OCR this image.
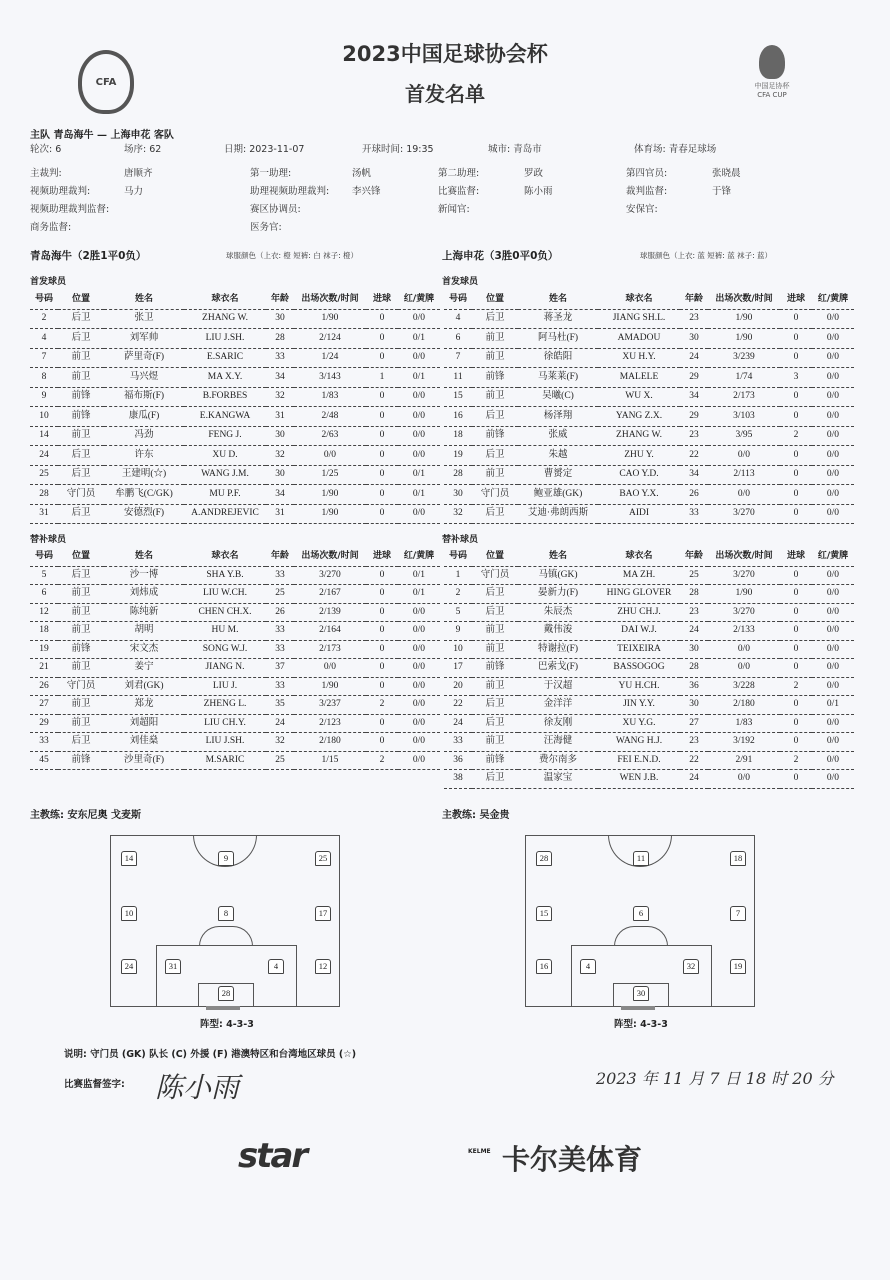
2023中国足球协会杯
首发名单
CFA	中国足协杯 CFA CUP
主队 青岛海牛 — 上海申花 客队
轮次: 6	场序: 62	日期: 2023-11-07	开球时间: 19:35	城市: 青岛市	体育场: 青春足球场
主裁判:	唐顺齐	第一助理:	汤帆	第二助理:	罗政	第四官员:	张晓晨
视频助理裁判:	马力	助理视频助理裁判: 李兴锋	比赛监督:	陈小雨	裁判监督:	于锋
视频助理裁判监督:	赛区协调员:	新闻官:	安保官:
商务监督:	医务官:
青岛海牛（2胜1平0负）	球服颜色（上衣: 橙 短裤: 白 袜子: 橙）	上海申花（3胜0平0负）	球服颜色（上衣: 蓝 短裤: 蓝 袜子: 蓝）
首发球员	首发球员
替补球员	替补球员
号码	位置	姓名	球衣名	年龄	出场次数/时间	进球	红/黄牌
2	后卫	张卫	ZHANG W.	30	1/90	0	0/0
4	后卫	刘军帅	LIU J.SH.	28	2/124	0	0/1
7	前卫	萨里奇(F)	E.SARIC	33	1/24	0	0/0
8	前卫	马兴煜	MA X.Y.	34	3/143	1	0/1
9	前锋	福布斯(F)	B.FORBES	32	1/83	0	0/0
10	前锋	康瓜(F)	E.KANGWA	31	2/48	0	0/0
14	前卫	冯劲	FENG J.	30	2/63	0	0/0
24	后卫	许东	XU D.	32	0/0	0	0/0
25	后卫	王建明(☆)	WANG J.M.	30	1/25	0	0/1
28	守门员	牟鹏飞(C/GK)	MU P.F.	34	1/90	0	0/1
31	后卫	安德烈(F)	A.ANDREJEVIC	31	1/90	0	0/0
号码	位置	姓名	球衣名	年龄	出场次数/时间	进球	红/黄牌
4	后卫	蒋圣龙	JIANG SH.L.	23	1/90	0	0/0
6	前卫	阿马杜(F)	AMADOU	30	1/90	0	0/0
7	前卫	徐皓阳	XU H.Y.	24	3/239	0	0/0
11	前锋	马莱莱(F)	MALELE	29	1/74	3	0/0
15	前卫	吴曦(C)	WU X.	34	2/173	0	0/0
16	后卫	杨泽翔	YANG Z.X.	29	3/103	0	0/0
18	前锋	张威	ZHANG W.	23	3/95	2	0/0
19	后卫	朱越	ZHU Y.	22	0/0	0	0/0
28	前卫	曹赟定	CAO Y.D.	34	2/113	0	0/0
30	守门员	鲍亚雄(GK)	BAO Y.X.	26	0/0	0	0/0
32	后卫	艾迪·弗朗西斯	AIDI	33	3/270	0	0/0
号码	位置	姓名	球衣名	年龄	出场次数/时间	进球	红/黄牌
5	后卫	沙一博	SHA Y.B.	33	3/270	0	0/1
6	前卫	刘炜成	LIU W.CH.	25	2/167	0	0/1
12	前卫	陈纯新	CHEN CH.X.	26	2/139	0	0/0
18	前卫	胡明	HU M.	33	2/164	0	0/0
19	前锋	宋文杰	SONG W.J.	33	2/173	0	0/0
21	前卫	姜宁	JIANG N.	37	0/0	0	0/0
26	守门员	刘君(GK)	LIU J.	33	1/90	0	0/0
27	前卫	郑龙	ZHENG L.	35	3/237	2	0/0
29	前卫	刘超阳	LIU CH.Y.	24	2/123	0	0/0
33	后卫	刘佳燊	LIU J.SH.	32	2/180	0	0/0
45	前锋	沙里奇(F)	M.SARIC	25	1/15	2	0/0
号码	位置	姓名	球衣名	年龄	出场次数/时间	进球	红/黄牌
1	守门员	马镇(GK)	MA ZH.	25	3/270	0	0/0
2	后卫	晏新力(F)	HING GLOVER	28	1/90	0	0/0
5	后卫	朱辰杰	ZHU CH.J.	23	3/270	0	0/0
9	前卫	戴伟浚	DAI W.J.	24	2/133	0	0/0
10	前卫	特谢拉(F)	TEIXEIRA	30	0/0	0	0/0
17	前锋	巴索戈(F)	BASSOGOG	28	0/0	0	0/0
20	前卫	于汉超	YU H.CH.	36	3/228	2	0/0
22	后卫	金洋洋	JIN Y.Y.	30	2/180	0	0/1
24	后卫	徐友刚	XU Y.G.	27	1/83	0	0/0
33	前卫	汪海健	WANG H.J.	23	3/192	0	0/0
36	前锋	费尔南多	FEI E.N.D.	22	2/91	2	0/0
38	后卫	温家宝	WEN J.B.	24	0/0	0	0/0
主教练: 安东尼奥 戈麦斯	主教练: 吴金贵
14	9	25
10	8	17
24	31	4	12
28
28	11	18
15	6	7
16	4	32	19
30
阵型: 4-3-3	阵型: 4-3-3
说明: 守门员 (GK) 队长 (C) 外援 (F) 港澳特区和台湾地区球员 (☆)
比赛监督签字: 陈小雨	2023 年 11 月 7 日 18 时 20 分
star	KELME 卡尔美体育
